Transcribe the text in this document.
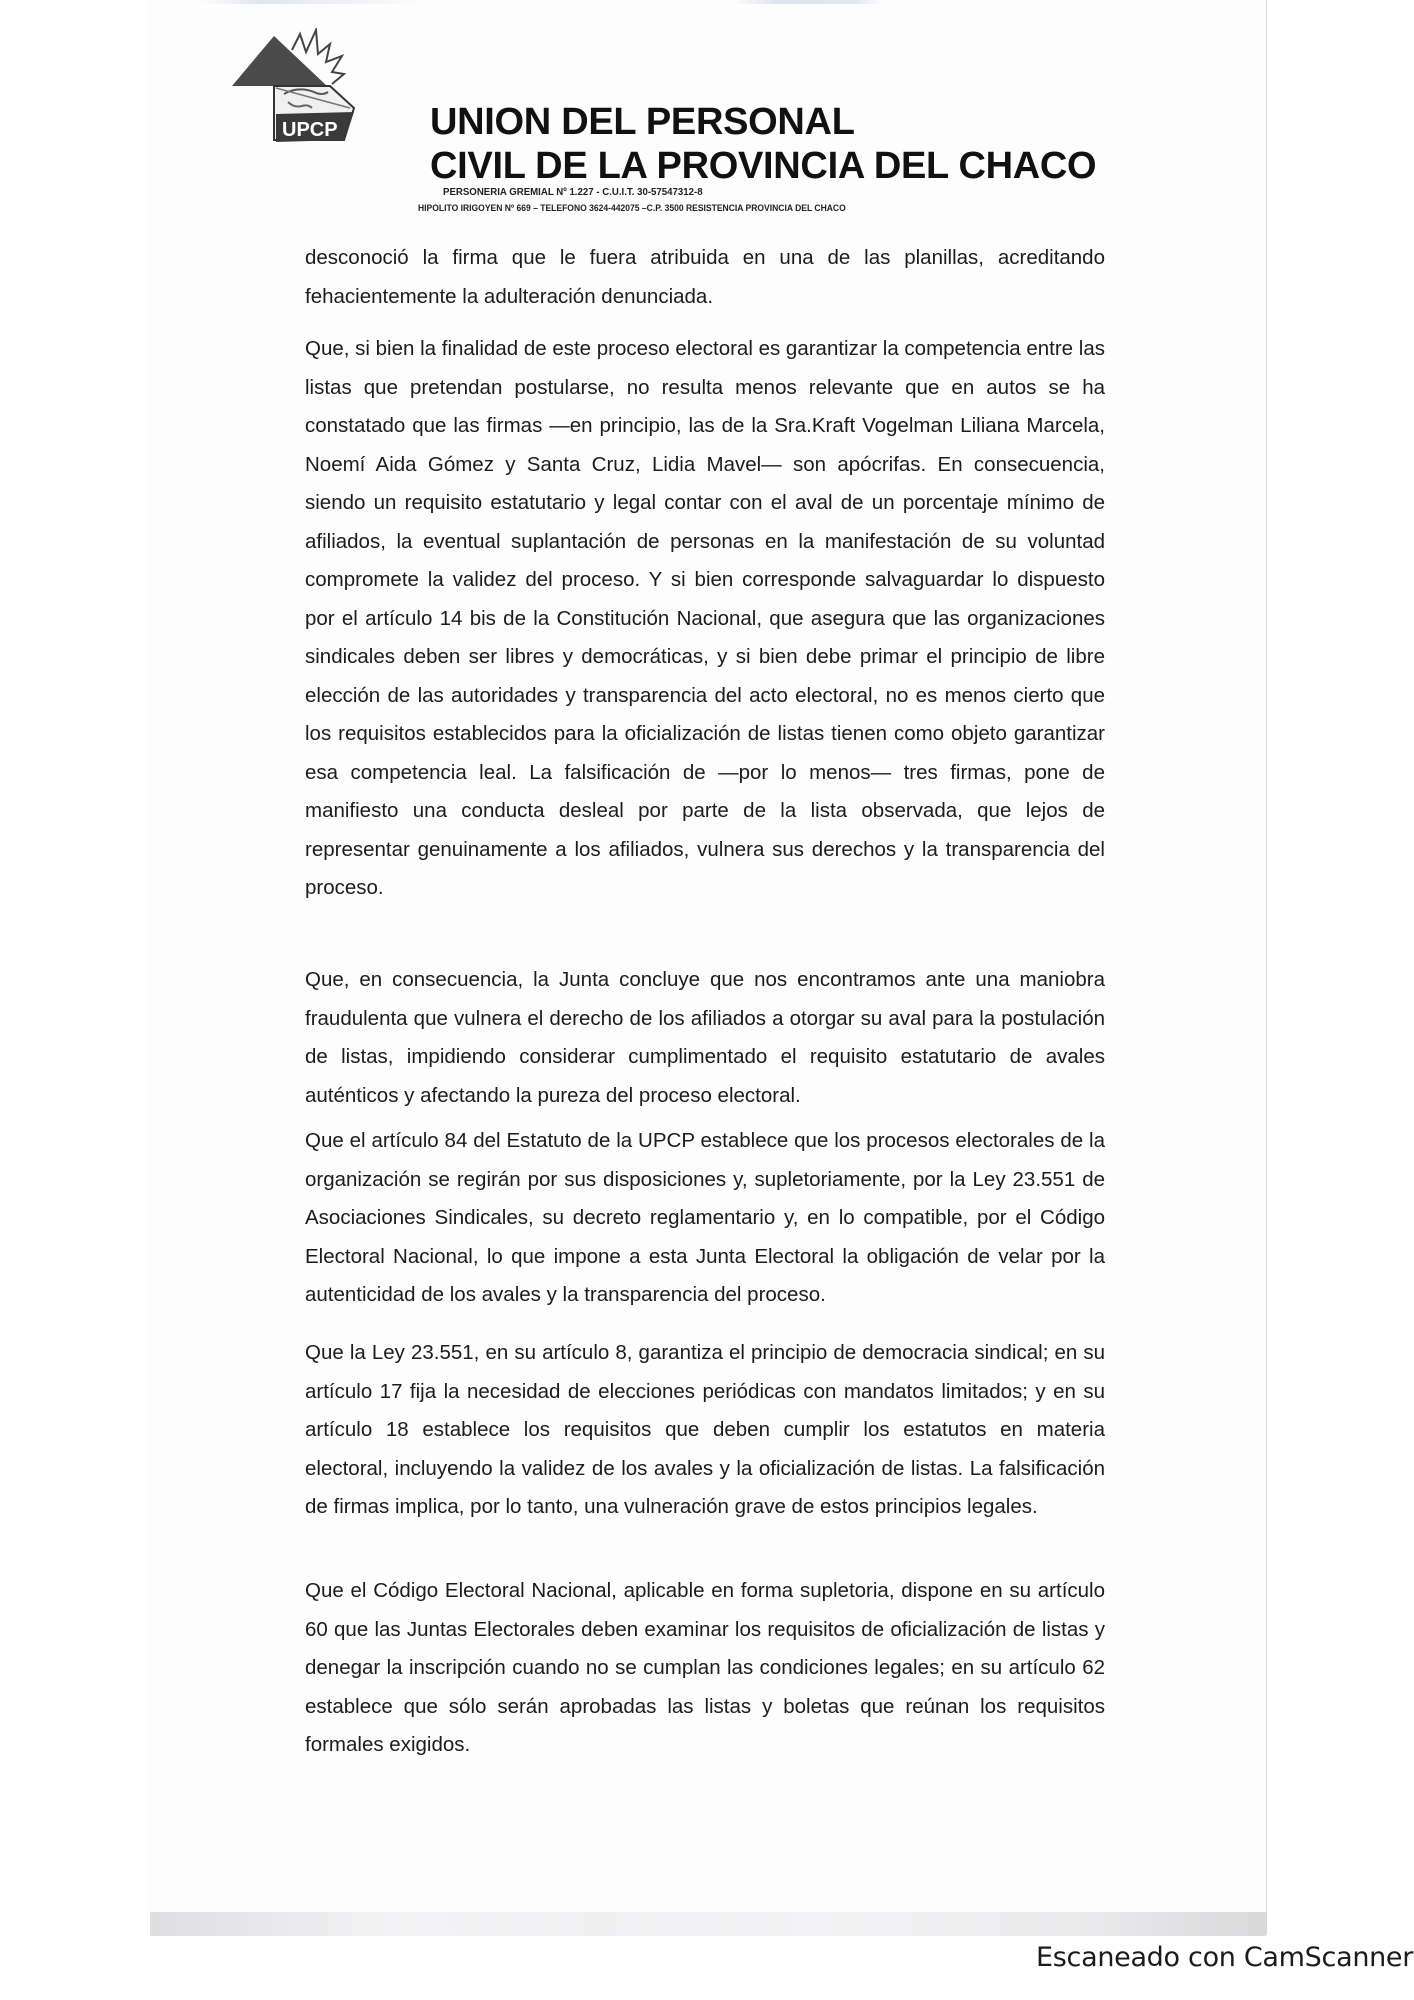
UPCP UNION DEL PERSONAL
CIVIL DE LA PROVINCIA DEL CHACO
PERSONERIA GREMIAL Nº 1.227 - C.U.I.T. 30-57547312-8
HIPOLITO IRIGOYEN Nº 669 – TELEFONO 3624-442075 –C.P. 3500 RESISTENCIA PROVINCIA DEL CHACO

desconoció la firma que le fuera atribuida en una de las planillas, acreditando fehacientemente la adulteración denunciada.

Que, si bien la finalidad de este proceso electoral es garantizar la competencia entre las listas que pretendan postularse, no resulta menos relevante que en autos se ha constatado que las firmas —en principio, las de la Sra.Kraft Vogelman Liliana Marcela, Noemí Aida Gómez y Santa Cruz, Lidia Mavel— son apócrifas. En consecuencia, siendo un requisito estatutario y legal contar con el aval de un porcentaje mínimo de afiliados, la eventual suplantación de personas en la manifestación de su voluntad compromete la validez del proceso. Y si bien corresponde salvaguardar lo dispuesto por el artículo 14 bis de la Constitución Nacional, que asegura que las organizaciones sindicales deben ser libres y democráticas, y si bien debe primar el principio de libre elección de las autoridades y transparencia del acto electoral, no es menos cierto que los requisitos establecidos para la oficialización de listas tienen como objeto garantizar esa competencia leal. La falsificación de —por lo menos— tres firmas, pone de manifiesto una conducta desleal por parte de la lista observada, que lejos de representar genuinamente a los afiliados, vulnera sus derechos y la transparencia del proceso.

Que, en consecuencia, la Junta concluye que nos encontramos ante una maniobra fraudulenta que vulnera el derecho de los afiliados a otorgar su aval para la postulación de listas, impidiendo considerar cumplimentado el requisito estatutario de avales auténticos y afectando la pureza del proceso electoral.

Que el artículo 84 del Estatuto de la UPCP establece que los procesos electorales de la organización se regirán por sus disposiciones y, supletoriamente, por la Ley 23.551 de Asociaciones Sindicales, su decreto reglamentario y, en lo compatible, por el Código Electoral Nacional, lo que impone a esta Junta Electoral la obligación de velar por la autenticidad de los avales y la transparencia del proceso.

Que la Ley 23.551, en su artículo 8, garantiza el principio de democracia sindical; en su artículo 17 fija la necesidad de elecciones periódicas con mandatos limitados; y en su artículo 18 establece los requisitos que deben cumplir los estatutos en materia electoral, incluyendo la validez de los avales y la oficialización de listas. La falsificación de firmas implica, por lo tanto, una vulneración grave de estos principios legales.

Que el Código Electoral Nacional, aplicable en forma supletoria, dispone en su artículo 60 que las Juntas Electorales deben examinar los requisitos de oficialización de listas y denegar la inscripción cuando no se cumplan las condiciones legales; en su artículo 62 establece que sólo serán aprobadas las listas y boletas que reúnan los requisitos formales exigidos.

Escaneado con CamScanner
